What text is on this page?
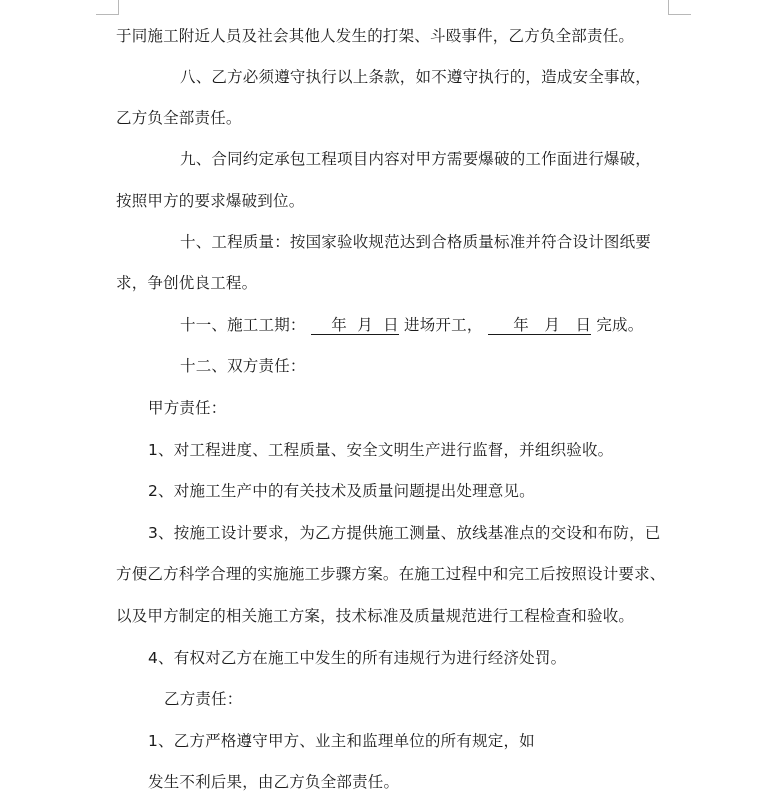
于同施工附近人员及社会其他人发生的打架、斗殴事件，乙方负全部责任。
八、乙方必须遵守执行以上条款，如不遵守执行的，造成安全事故，
乙方负全部责任。
九、合同约定承包工程项目内容对甲方需要爆破的工作面进行爆破，
按照甲方的要求爆破到位。
十、工程质量：按国家验收规范达到合格质量标准并符合设计图纸要
求，争创优良工程。
十一、施工工期：     年  月  日 进场开工，      年   月   日 完成。
十二、双方责任：
甲方责任：
1、对工程进度、工程质量、安全文明生产进行监督，并组织验收。
2、对施工生产中的有关技术及质量问题提出处理意见。
3、按施工设计要求，为乙方提供施工测量、放线基准点的交设和布防，已
方便乙方科学合理的实施施工步骤方案。在施工过程中和完工后按照设计要求、
以及甲方制定的相关施工方案，技术标准及质量规范进行工程检查和验收。
4、有权对乙方在施工中发生的所有违规行为进行经济处罚。
乙方责任：
1、乙方严格遵守甲方、业主和监理单位的所有规定，如
发生不利后果，由乙方负全部责任。
